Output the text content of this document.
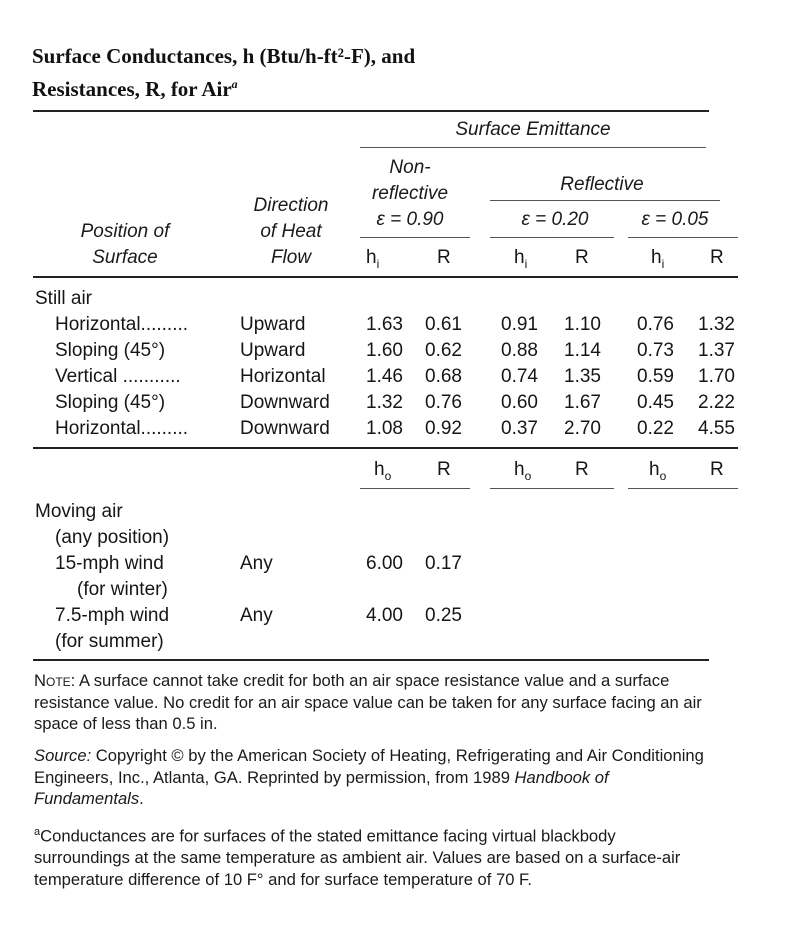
Surface Conductances, h (Btu/h-ft²-F), and
Resistances, R, for Air$^a$
Surface Emittance
Non-
reflective
ε = 0.90
Reflective
ε = 0.20	ε = 0.05
Position of
Surface
Direction
of Heat
Flow	$h_i$	R	$h_i$	R	$h_i$ R
Still air
Horizontal.........	Upward	1.63 0.61 0.91 1.10 0.76 1.32
Sloping (45°)	Upward	1.60 0.62 0.88 1.14 0.73 1.37
Vertical ...........	Horizontal 1.46 0.68 0.74 1.35 0.59 1.70
Sloping (45°)	Downward 1.32 0.76 0.60 1.67 0.45 2.22
Horizontal.........	Downward 1.08 0.92 0.37 2.70 0.22 4.55
$h_o$ R	$h_o$ R	$h_o$ R
Moving air
(any position)
15-mph wind
(for winter)
Any	6.00 0.17
7.5-mph wind
(for summer)
Any	4.00 0.25
Note: A surface cannot take credit for both an air space resistance value and a surface resistance value. No credit for an air space value can be taken for any surface facing an air space of less than 0.5 in.
Source: Copyright © by the American Society of Heating, Refrigerating and Air Conditioning Engineers, Inc., Atlanta, GA. Reprinted by permission, from 1989 Handbook of Fundamentals.
$^a$Conductances are for surfaces of the stated emittance facing virtual blackbody surroundings at the same temperature as ambient air. Values are based on a surface-air temperature difference of 10 F° and for surface temperature of 70 F.
